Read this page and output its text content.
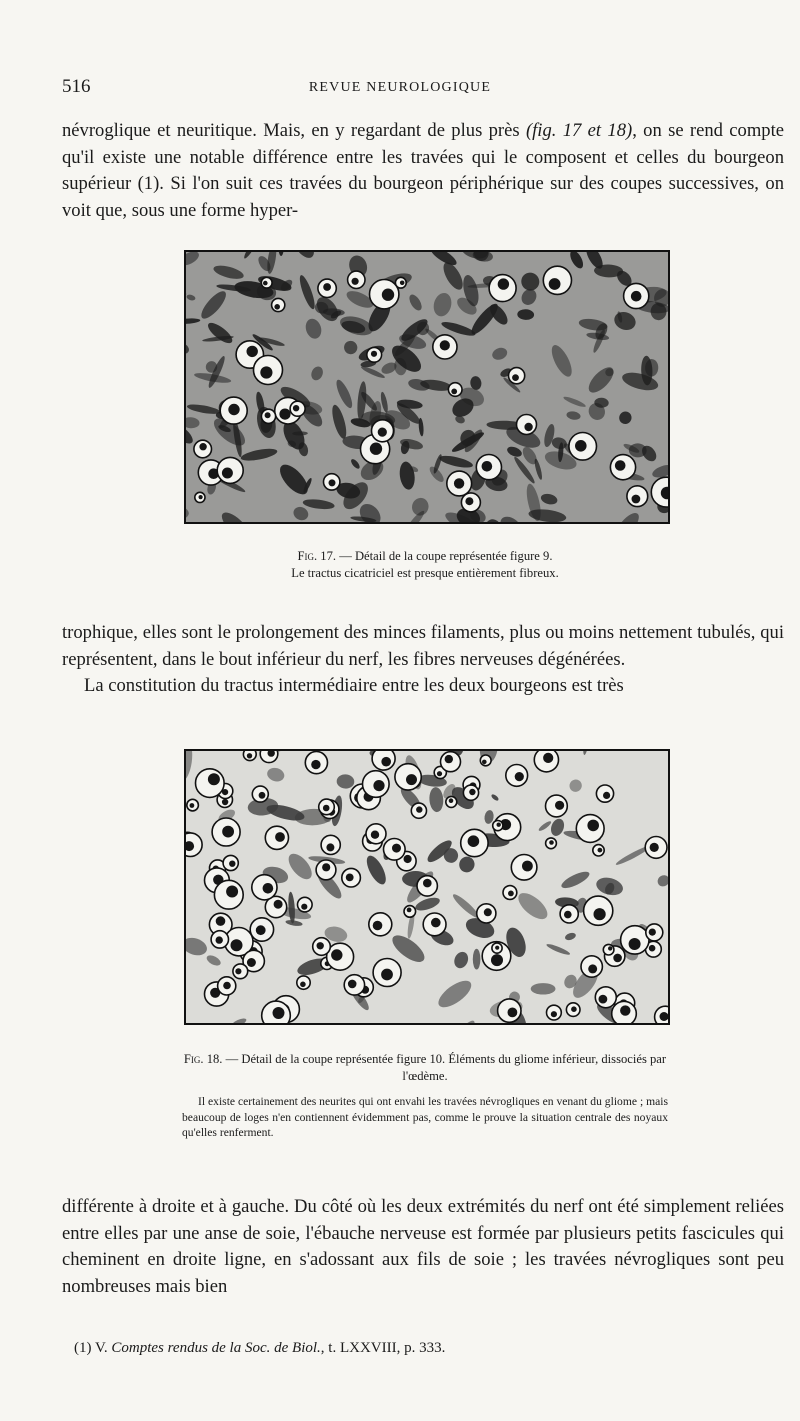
516	REVUE NEUROLOGIQUE

névroglique et neuritique. Mais, en y regardant de plus près (fig. 17 et 18), on se rend compte qu'il existe une notable différence entre les travées qui le composent et celles du bourgeon supérieur (1). Si l'on suit ces travées du bourgeon périphérique sur des coupes successives, on voit que, sous une forme hyper-

Fig. 17. — Détail de la coupe représentée figure 9.
Le tractus cicatriciel est presque entièrement fibreux.

trophique, elles sont le prolongement des minces filaments, plus ou moins nettement tubulés, qui représentent, dans le bout inférieur du nerf, les fibres nerveuses dégénérées.

La constitution du tractus intermédiaire entre les deux bourgeons est très

Fig. 18. — Détail de la coupe représentée figure 10. Éléments du gliome inférieur, dissociés par l'œdème.
Il existe certainement des neurites qui ont envahi les travées névrogliques en venant du gliome ; mais beaucoup de loges n'en contiennent évidemment pas, comme le prouve la situation centrale des noyaux qu'elles renferment.

différente à droite et à gauche. Du côté où les deux extrémités du nerf ont été simplement reliées entre elles par une anse de soie, l'ébauche nerveuse est formée par plusieurs petits fascicules qui cheminent en droite ligne, en s'adossant aux fils de soie ; les travées névrogliques sont peu nombreuses mais bien

(1) V. Comptes rendus de la Soc. de Biol., t. LXXVIII, p. 333.
